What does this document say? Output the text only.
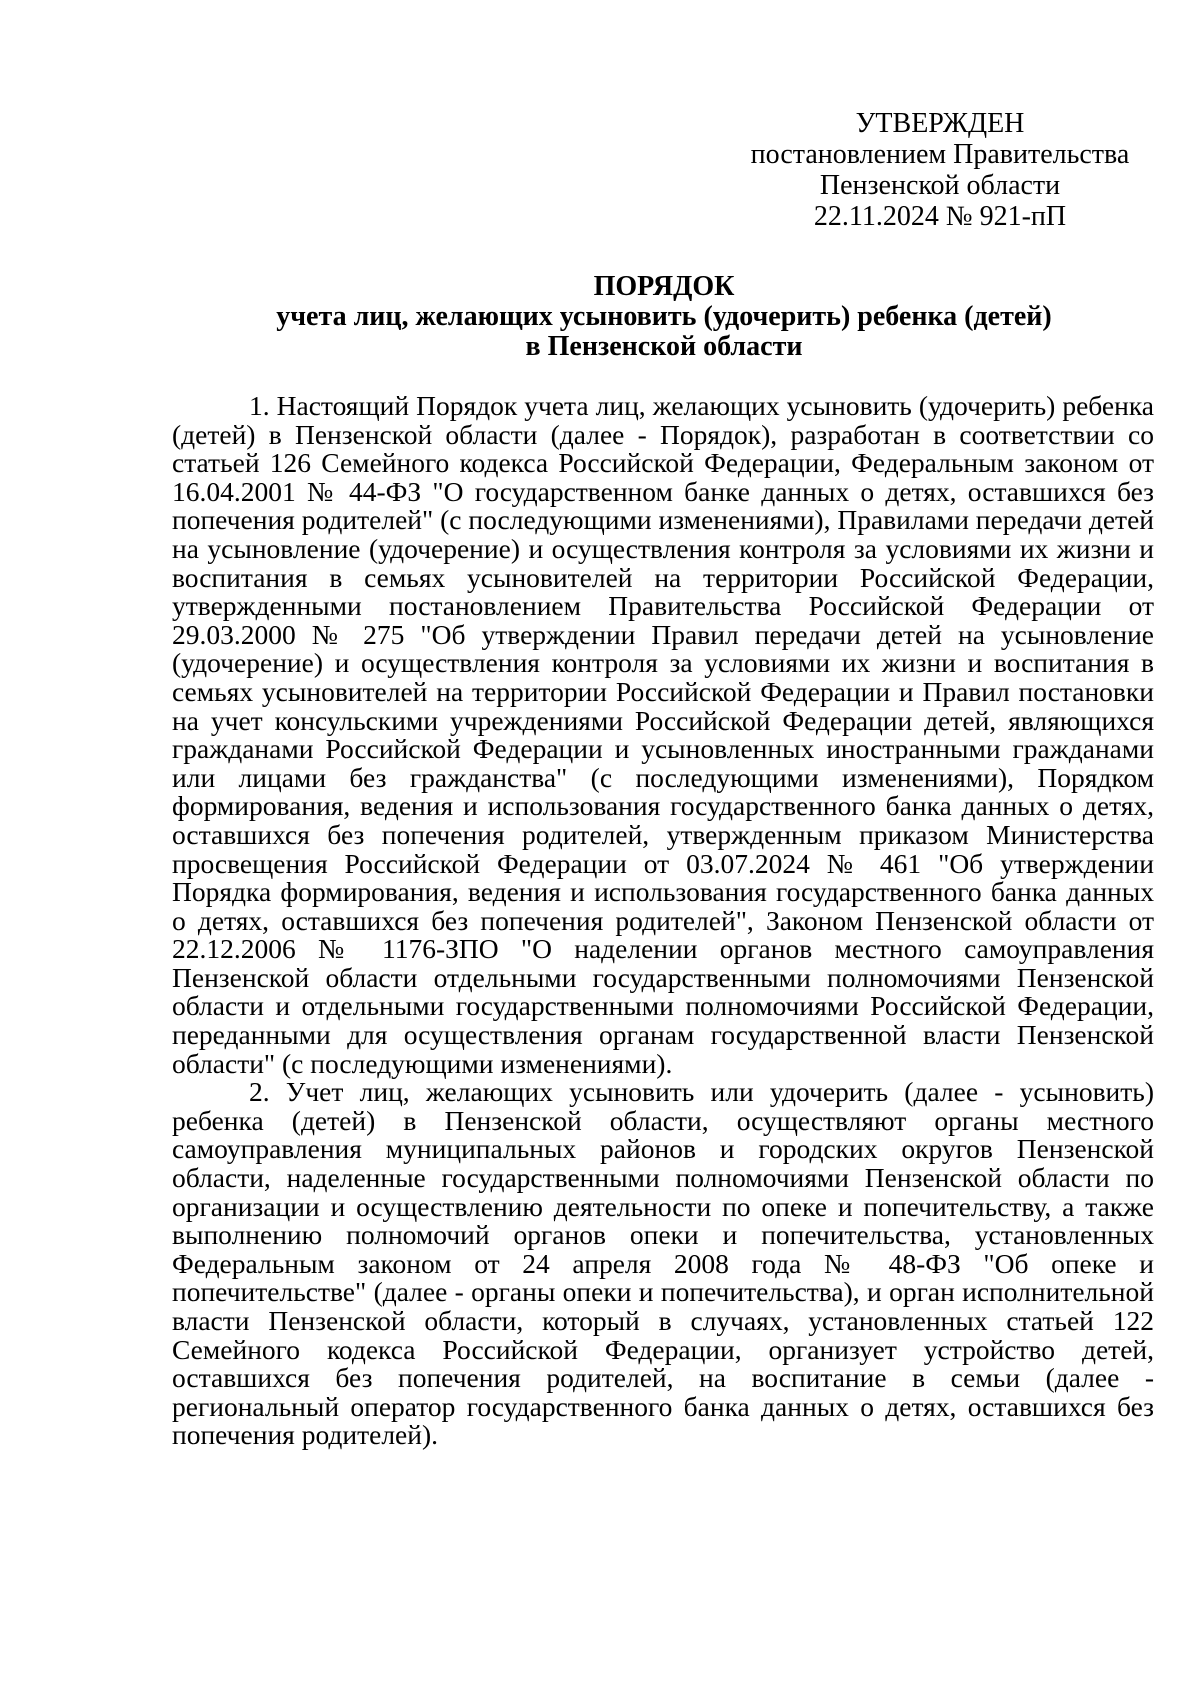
УТВЕРЖДЕН
постановлением Правительства
Пензенской области
22.11.2024 № 921-пП
ПОРЯДОК
учета лиц, желающих усыновить (удочерить) ребенка (детей)
в Пензенской области

1. Настоящий Порядок учета лиц, желающих усыновить (удочерить) ребенка (детей) в Пензенской области (далее - Порядок), разработан в соответствии со статьей 126 Семейного кодекса Российской Федерации, Федеральным законом от 16.04.2001 № 44-ФЗ "О государственном банке данных о детях, оставшихся без попечения родителей" (с последующими изменениями), Правилами передачи детей на усыновление (удочерение) и осуществления контроля за условиями их жизни и воспитания в семьях усыновителей на территории Российской Федерации, утвержденными постановлением Правительства Российской Федерации от 29.03.2000 № 275 "Об утверждении Правил передачи детей на усыновление (удочерение) и осуществления контроля за условиями их жизни и воспитания в семьях усыновителей на территории Российской Федерации и Правил постановки на учет консульскими учреждениями Российской Федерации детей, являющихся гражданами Российской Федерации и усыновленных иностранными гражданами или лицами без гражданства" (с последующими изменениями), Порядком формирования, ведения и использования государственного банка данных о детях, оставшихся без попечения родителей, утвержденным приказом Министерства просвещения Российской Федерации от 03.07.2024 № 461 "Об утверждении Порядка формирования, ведения и использования государственного банка данных о детях, оставшихся без попечения родителей", Законом Пензенской области от 22.12.2006 № 1176-ЗПО "О наделении органов местного самоуправления Пензенской области отдельными государственными полномочиями Пензенской области и отдельными государственными полномочиями Российской Федерации, переданными для осуществления органам государственной власти Пензенской области" (с последующими изменениями).

2. Учет лиц, желающих усыновить или удочерить (далее - усыновить) ребенка (детей) в Пензенской области, осуществляют органы местного самоуправления муниципальных районов и городских округов Пензенской области, наделенные государственными полномочиями Пензенской области по организации и осуществлению деятельности по опеке и попечительству, а также выполнению полномочий органов опеки и попечительства, установленных Федеральным законом от 24 апреля 2008 года № 48-ФЗ "Об опеке и попечительстве" (далее - органы опеки и попечительства), и орган исполнительной власти Пензенской области, который в случаях, установленных статьей 122 Семейного кодекса Российской Федерации, организует устройство детей, оставшихся без попечения родителей, на воспитание в семьи (далее - региональный оператор государственного банка данных о детях, оставшихся без попечения родителей).
